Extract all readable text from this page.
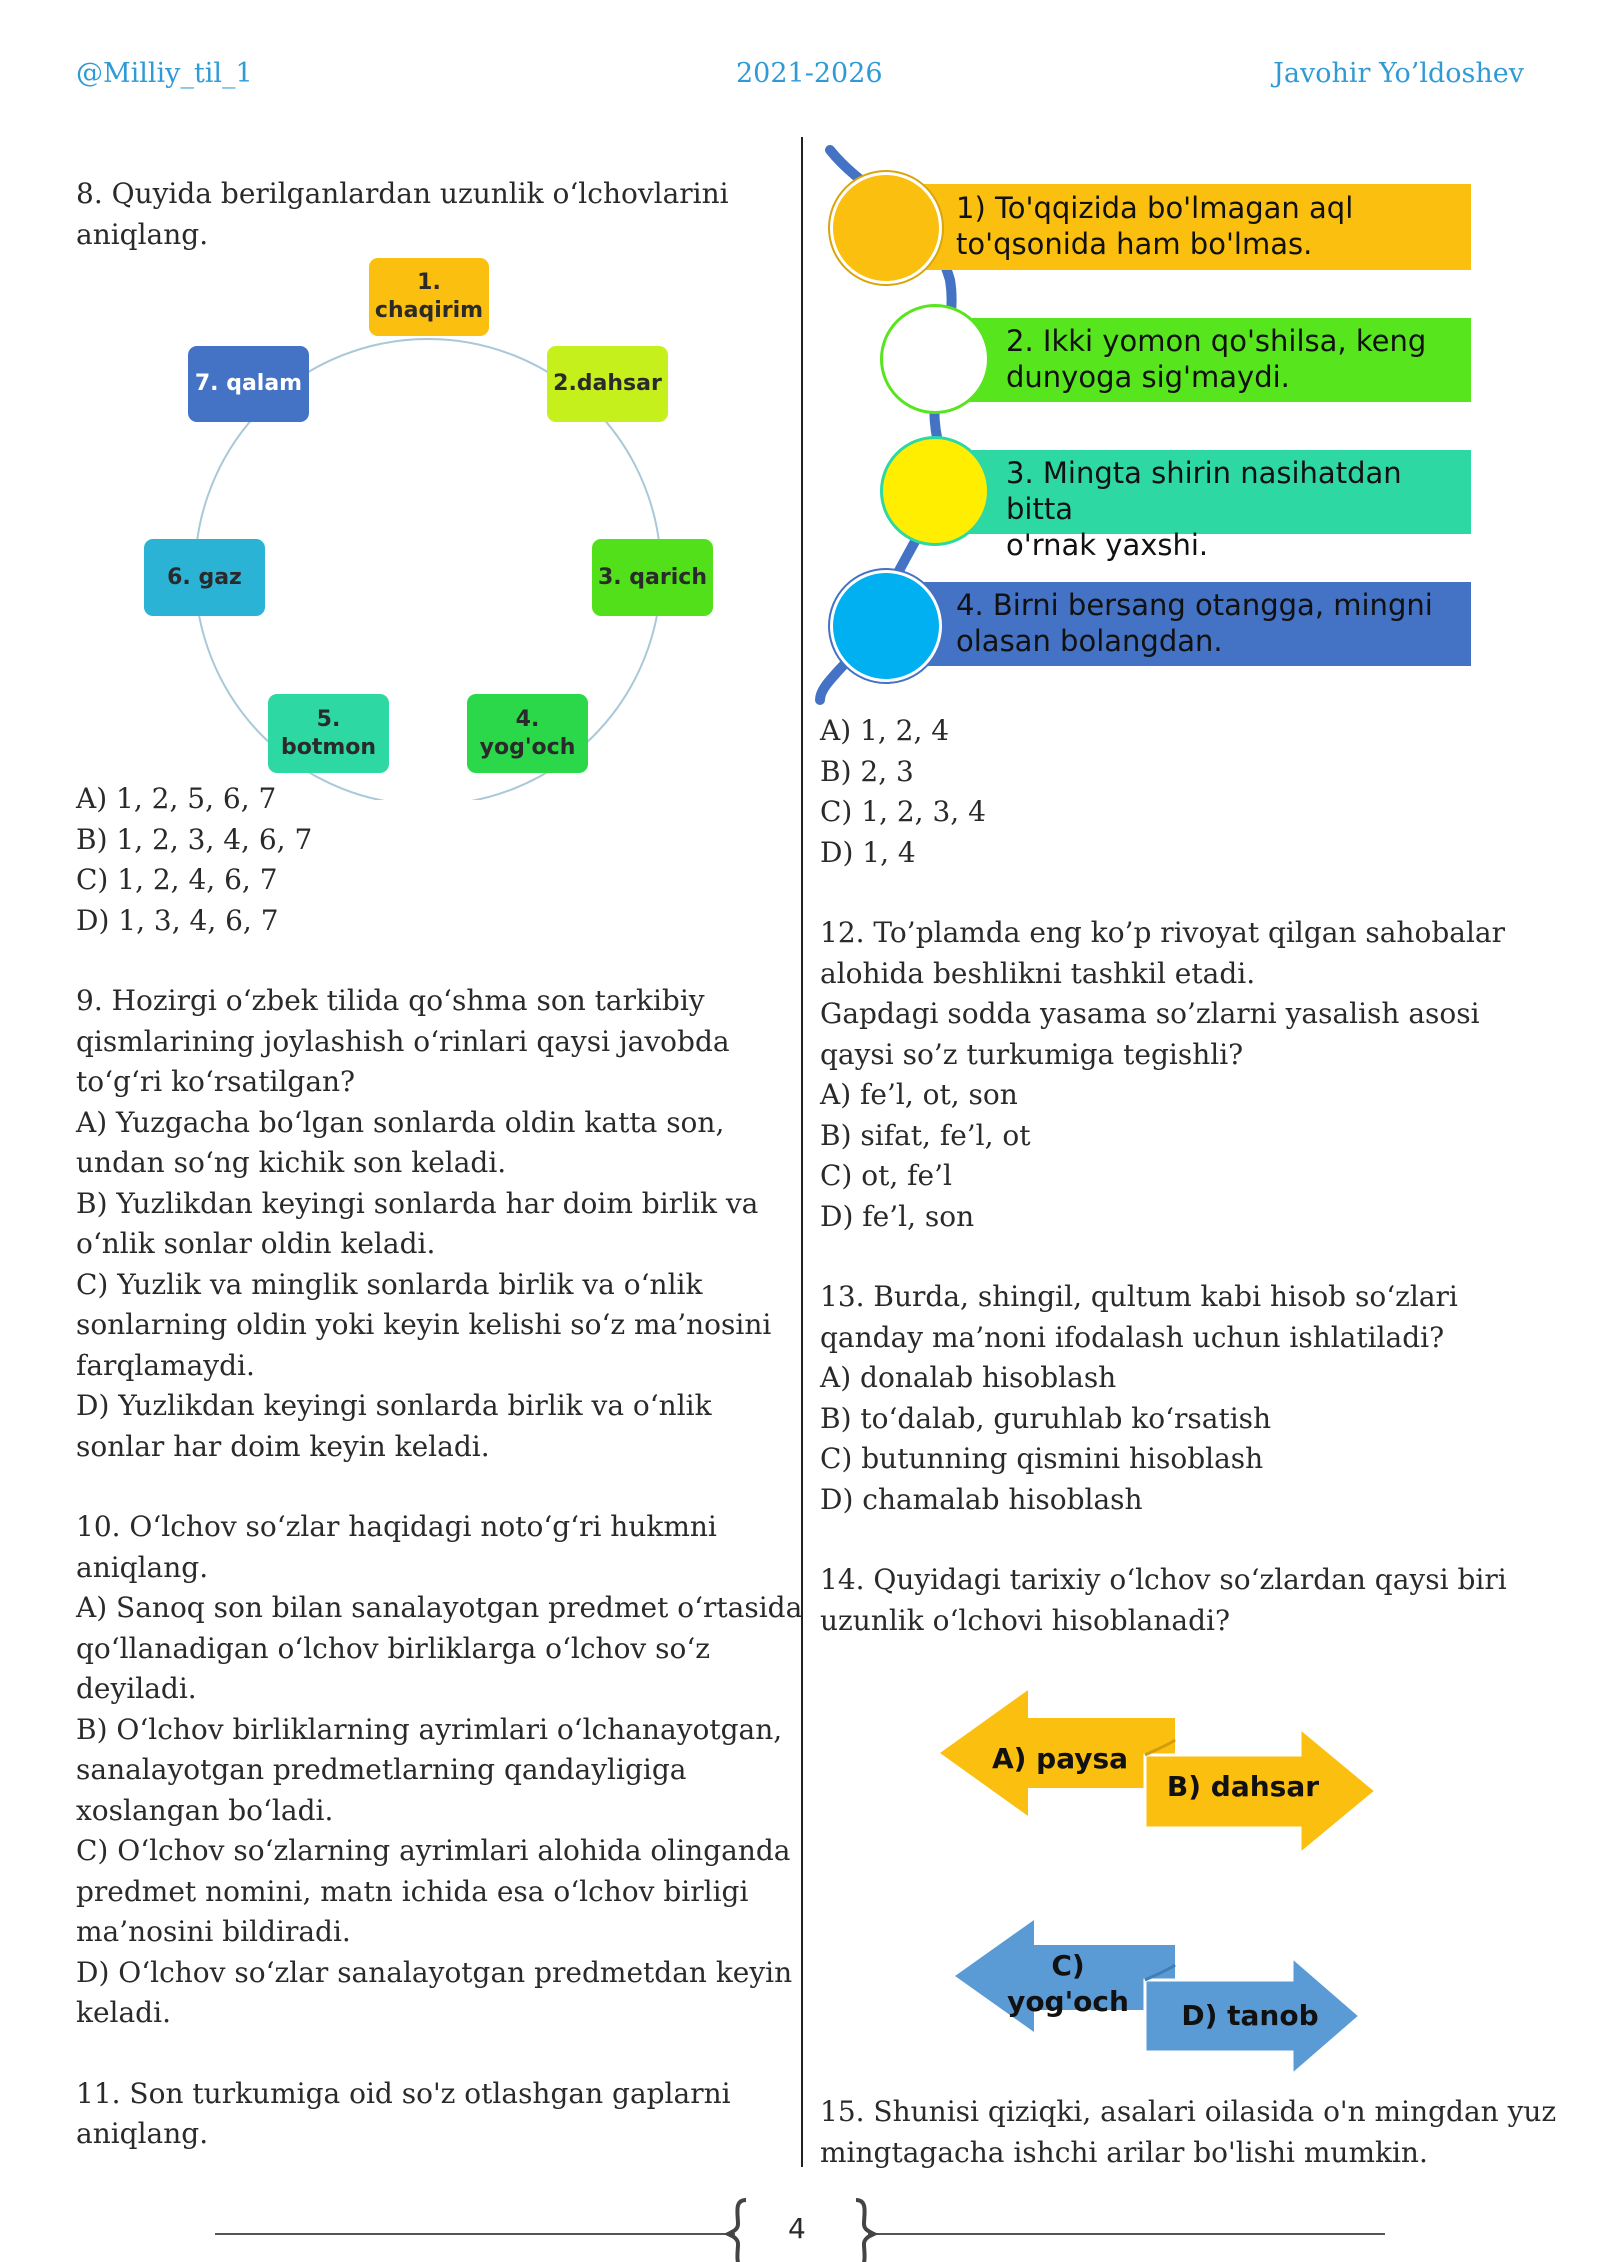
@Milliy_til_1	2021-2026	Javohir Yo’ldoshev

8. Quyida berilganlardan uzunlik o‘lchovlarini

aniqlang.

1.
chaqirim
2.dahsar
3. qarich
4.
yog'och
5.
botmon
6. gaz
7. qalam

A) 1, 2, 5, 6, 7

B) 1, 2, 3, 4, 6, 7

C) 1, 2, 4, 6, 7

D) 1, 3, 4, 6, 7

9. Hozirgi o‘zbek tilida qo‘shma son tarkibiy

qismlarining joylashish o‘rinlari qaysi javobda

to‘g‘ri ko‘rsatilgan?

A) Yuzgacha bo‘lgan sonlarda oldin katta son,

undan so‘ng kichik son keladi.

B) Yuzlikdan keyingi sonlarda har doim birlik va

o‘nlik sonlar oldin keladi.

C) Yuzlik va minglik sonlarda birlik va o‘nlik

sonlarning oldin yoki keyin kelishi so‘z ma’nosini

farqlamaydi.

D) Yuzlikdan keyingi sonlarda birlik va o‘nlik

sonlar har doim keyin keladi.

10. O‘lchov so‘zlar haqidagi noto‘g‘ri hukmni

aniqlang.

A) Sanoq son bilan sanalayotgan predmet o‘rtasida

qo‘llanadigan o‘lchov birliklarga o‘lchov so‘z

deyiladi.

B) O‘lchov birliklarning ayrimlari o‘lchanayotgan,

sanalayotgan predmetlarning qandayligiga

xoslangan bo‘ladi.

C) O‘lchov so‘zlarning ayrimlari alohida olinganda

predmet nomini, matn ichida esa o‘lchov birligi

ma’nosini bildiradi.

D) O‘lchov so‘zlar sanalayotgan predmetdan keyin

keladi.

11. Son turkumiga oid so'z otlashgan gaplarni

aniqlang.

1) To'qqizida bo'lmagan aql
to'qsonida ham bo'lmas.
2. Ikki yomon qo'shilsa, keng
dunyoga sig'maydi.
3. Mingta shirin nasihatdan bitta
o'rnak yaxshi.
4. Birni bersang otangga, mingni
olasan bolangdan.

A) 1, 2, 4

B) 2, 3

C) 1, 2, 3, 4

D) 1, 4

12. To’plamda eng ko’p rivoyat qilgan sahobalar

alohida beshlikni tashkil etadi.

Gapdagi sodda yasama so’zlarni yasalish asosi

qaysi so’z turkumiga tegishli?

A) fe’l, ot, son

B) sifat, fe’l, ot

C) ot, fe’l

D) fe’l, son

13. Burda, shingil, qultum kabi hisob so‘zlari

qanday ma’noni ifodalash uchun ishlatiladi?

A) donalab hisoblash

B) to‘dalab, guruhlab ko‘rsatish

C) butunning qismini hisoblash

D) chamalab hisoblash

14. Quyidagi tarixiy o‘lchov so‘zlardan qaysi biri

uzunlik o‘lchovi hisoblanadi?

A) paysa
B) dahsar
C)
yog'och D) tanob

15. Shunisi qiziqki, asalari oilasida o'n mingdan yuz

mingtagacha ishchi arilar bo'lishi mumkin.

4
